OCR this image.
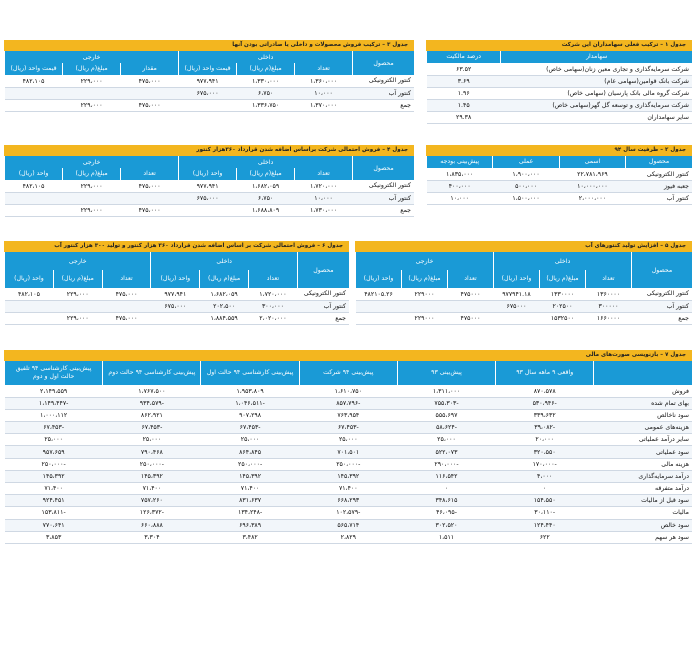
جدول ۱ – ترکیب فعلی سهامداران این شرکت
سهامدار	درصد مالکیت
شرکت سرمایه‌گذاری و تجاری معین زنان(سهامی خاص)	۶۳.۵۲
شرکت بانک قوامین(سهامی عام)	۳.۶۹
شرکت گروه مالی بانک پارسیان (سهامی خاص)	۱.۹۶
شرکت سرمایه‌گذاری و توسعه گل گهر(سهامی خاص)	۱.۴۵
سایر سهامداران	۲۹.۳۸
جدول ۳ – ترکیب فروش محصولات و داخلی یا صادراتی بودن آنها
محصول	داخلی			خارجی		
	تعداد	مبلغ(م ریال)	قیمت واحد (ریال)	مقدار	مبلغ(م ریال)	قیمت واحد (ریال)
کنتور الکترونیکی	۱،۳۶۰،۰۰۰	۱،۳۳۰،۰۰۰	۹۷۷،۹۴۱	۴۷۵،۰۰۰	۲۲۹،۰۰۰	۴۸۲،۱۰۵
کنتور آب	۱۰،۰۰۰	۶،۷۵۰	۶۷۵،۰۰۰			
جمع	۱،۳۷۰،۰۰۰	۱،۳۳۶،۷۵۰		۴۷۵،۰۰۰	۲۲۹،۰۰۰	
جدول ۲ – ظرفیت سال ۹۴
محصول	اسمی	عملی	پیش‌بینی بودجه
کنتور الکترونیکی	۲۲،۷۸۱،۹۶۹	۱،۹۰۰،۰۰۰	۱،۸۳۵،۰۰۰
جعبه فیوز	۱۰،۰۰۰،۰۰۰	۵۰۰،۰۰۰	۴۰۰،۰۰۰
کنتور آب	۲،۰۰۰،۰۰۰	۱،۵۰۰،۰۰۰	۱۰،۰۰۰
جدول ۴ – فروش احتمالی شرکت براساس اضافه شدن قرارداد ۳۶۰هزار کنتور
محصول	داخلی			خارجی		
	تعداد	مبلغ(م ریال)	واحد (ریال)	تعداد	مبلغ(م ریال)	واحد (ریال)
کنتور الکترونیکی	۱،۷۲۰،۰۰۰	۱،۶۸۲،۰۵۹	۹۷۷،۹۴۱	۴۷۵،۰۰۰	۲۲۹،۰۰۰	۴۸۲،۱۰۵
کنتور آب	۱۰،۰۰۰	۶،۷۵۰	۶۷۵،۰۰۰			
جمع	۱،۷۳۰،۰۰۰	۱،۶۸۸،۸۰۹		۴۷۵،۰۰۰	۲۲۹،۰۰۰	
جدول ۵ – افزایش تولید کنتورهای آب
محصول	داخلی			خارجی		
	تعداد	مبلغ(م ریال)	واحد (ریال)	تعداد	مبلغ(م ریال)	واحد (ریال)
کنتور الکترونیکی	۱۳۶۰۰۰۰	۱۳۳۰۰۰۰	۹۷۷۹۴۱.۱۸	۴۷۵۰۰۰	۲۲۹۰۰۰	۴۸۲۱۰۵.۲۶
کنتور آب	۳۰۰۰۰۰	۲۰۲۵۰۰	۶۷۵۰۰۰			
جمع	۱۶۶۰۰۰۰	۱۵۳۲۵۰۰		۴۷۵۰۰۰	۲۲۹۰۰۰	
جدول ۶ – فروش احتمالی شرکت بر اساس اضافه شدن قرارداد ۳۶۰ هزار کنتور و تولید ۳۰۰ هزار کنتور آب
محصول	داخلی			خارجی		
	تعداد	مبلغ(م ریال)	واحد (ریال)	تعداد	مبلغ(م ریال)	واحد (ریال)
کنتور الکترونیکی	۱،۷۲۰،۰۰۰	۱،۶۸۲،۰۵۹	۹۷۷،۹۴۱	۴۷۵،۰۰۰	۲۲۹،۰۰۰	۴۸۲،۱۰۵
کنتور آب	۳۰۰،۰۰۰	۲۰۲،۵۰۰	۶۷۵،۰۰۰			
جمع	۲،۰۲۰،۰۰۰	۱،۸۸۴،۵۵۹		۴۷۵،۰۰۰	۲۲۹،۰۰۰	
جدول ۷ – بازنویسی صورت‌های مالی
	واقعی ۹ ماهه سال ۹۳	پیش‌بینی ۹۳	پیش‌بینی ۹۴ شرکت	پیش‌بینی کارشناسی ۹۴ حالت اول	پیش‌بینی کارشناسی ۹۴ حالت دوم	پیش‌بینی کارشناسی ۹۴ تلفیق حالت اول و دوم
فروش	۸۷۰،۵۷۸	۱،۳۱۱،۰۰۰	۱،۶۱۰،۷۵۰	۱،۹۵۳،۸۰۹	۱،۷۶۷،۵۰۰	۲،۱۴۹،۵۵۹
بهای تمام شده	-۵۳۰،۹۴۶	-۷۵۵،۳۰۳	-۸۵۷،۷۹۶	-۱،۰۴۶،۵۱۱	-۹۳۴،۵۷۹	-۱،۱۴۹،۴۴۷
سود ناخالص	۳۳۹،۶۳۲	۵۵۵،۶۹۷	۷۶۳،۹۵۴	۹۰۷،۲۹۸	۸۶۲،۹۲۱	۱،۰۰۰،۱۱۲
هزینه‌های عمومی	-۳۹،۰۸۲	-۵۸،۶۲۴	-۶۷،۴۵۳	-۶۷،۴۵۳	-۶۷،۴۵۳	-۶۷،۴۵۳
سایر درآمد عملیاتی	۲۰،۰۰۰	۲۵،۰۰۰	۲۵،۰۰۰	۲۵،۰۰۰	۲۵،۰۰۰	۲۵،۰۰۰
سود عملیاتی	۳۲۰،۵۵۰	۵۲۲،۰۷۳	۷۰۱،۵۰۱	۸۶۴،۸۴۵	۷۹۰،۴۶۸	۹۵۷،۶۵۹
هزینه مالی	-۱۷۰،۰۰۰	-۲۹۰،۰۰۰	-۲۵۰،۰۰۰	-۲۵۰،۰۰۰	-۲۵۰،۰۰۰	-۲۵۰،۰۰۰
درآمد سرمایه‌گذاری	۴،۰۰۰	۱۱۶،۵۴۲	۱۴۵،۳۹۲	۱۴۵،۳۹۲	۱۴۵،۳۹۲	۱۴۵،۳۹۲
درآمد متفرقه	۰	۰	۷۱،۴۰۰	۷۱،۴۰۰	۷۱،۴۰۰	۷۱،۴۰۰
سود قبل از مالیات	۱۵۴،۵۵۰	۳۴۸،۶۱۵	۶۶۸،۲۹۳	۸۳۱،۶۳۷	۷۵۷،۲۶۰	۹۲۴،۴۵۱
مالیات	-۳۰،۱۱۰	-۴۶،۰۹۵	-۱۰۲،۵۷۹	-۱۳۴،۲۴۸	-۱۲۶،۳۷۲	-۱۵۳،۸۱۱
سود خالص	۱۲۴،۴۴۰	۳۰۲،۵۲۰	۵۶۵،۷۱۴	۶۹۶،۳۸۹	۶۶۰،۸۸۸	۷۷۰،۶۴۱
سود هر سهم	۶۲۲	۱،۵۱۱	۲،۸۲۹	۳،۴۸۲	۳،۳۰۴	۳،۸۵۳
